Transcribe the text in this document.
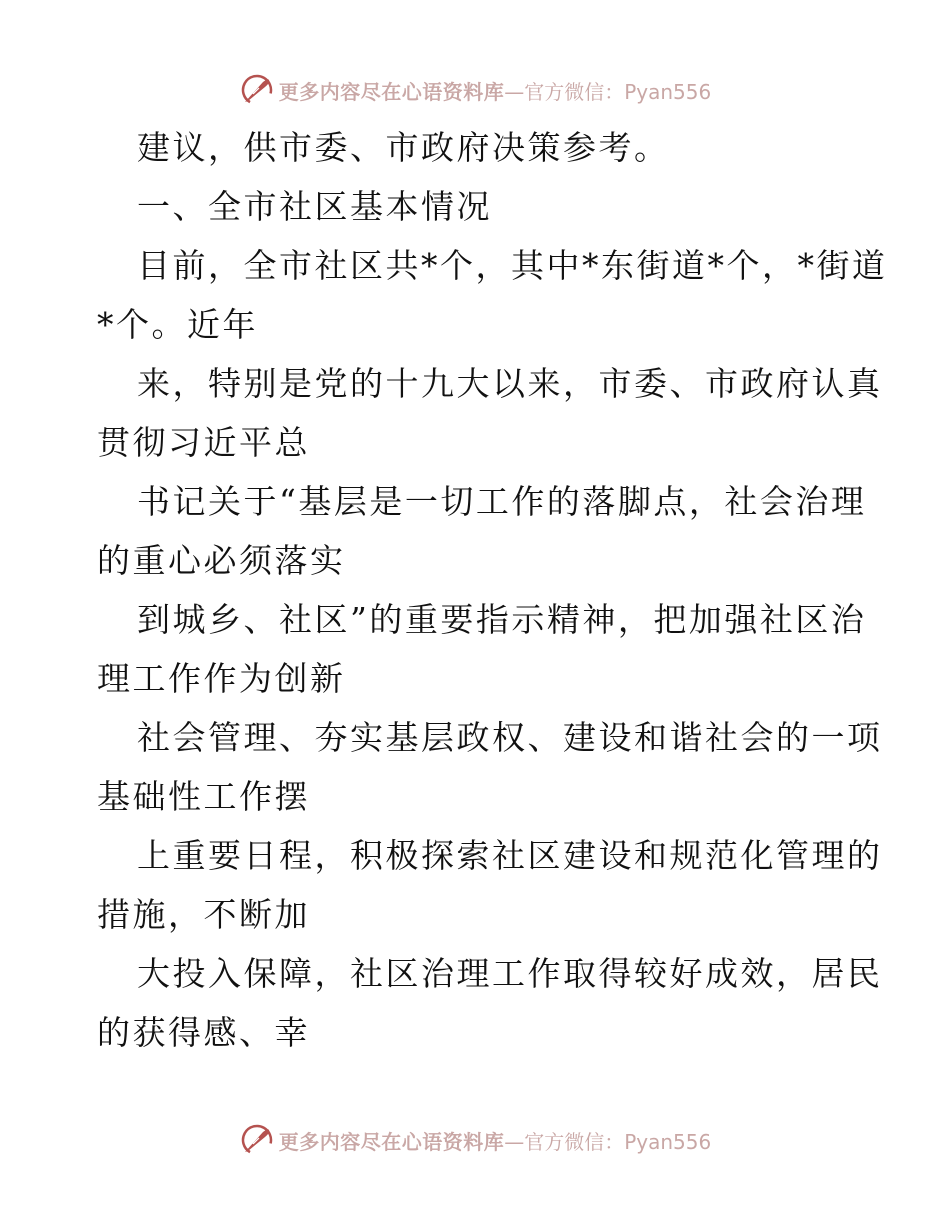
更多内容尽在心语资料库 —官方微信：Pyan556
建议，供市委、市政府决策参考。
一、全市社区基本情况
目前，全市社区共*个，其中*东街道*个，*街道
*个。近年
来，特别是党的十九大以来，市委、市政府认真
贯彻习近平总
书记关于“基层是一切工作的落脚点，社会治理
的重心必须落实
到城乡、社区”的重要指示精神，把加强社区治
理工作作为创新
社会管理、夯实基层政权、建设和谐社会的一项
基础性工作摆
上重要日程，积极探索社区建设和规范化管理的
措施，不断加
大投入保障，社区治理工作取得较好成效，居民
的获得感、幸
更多内容尽在心语资料库 —官方微信：Pyan556
